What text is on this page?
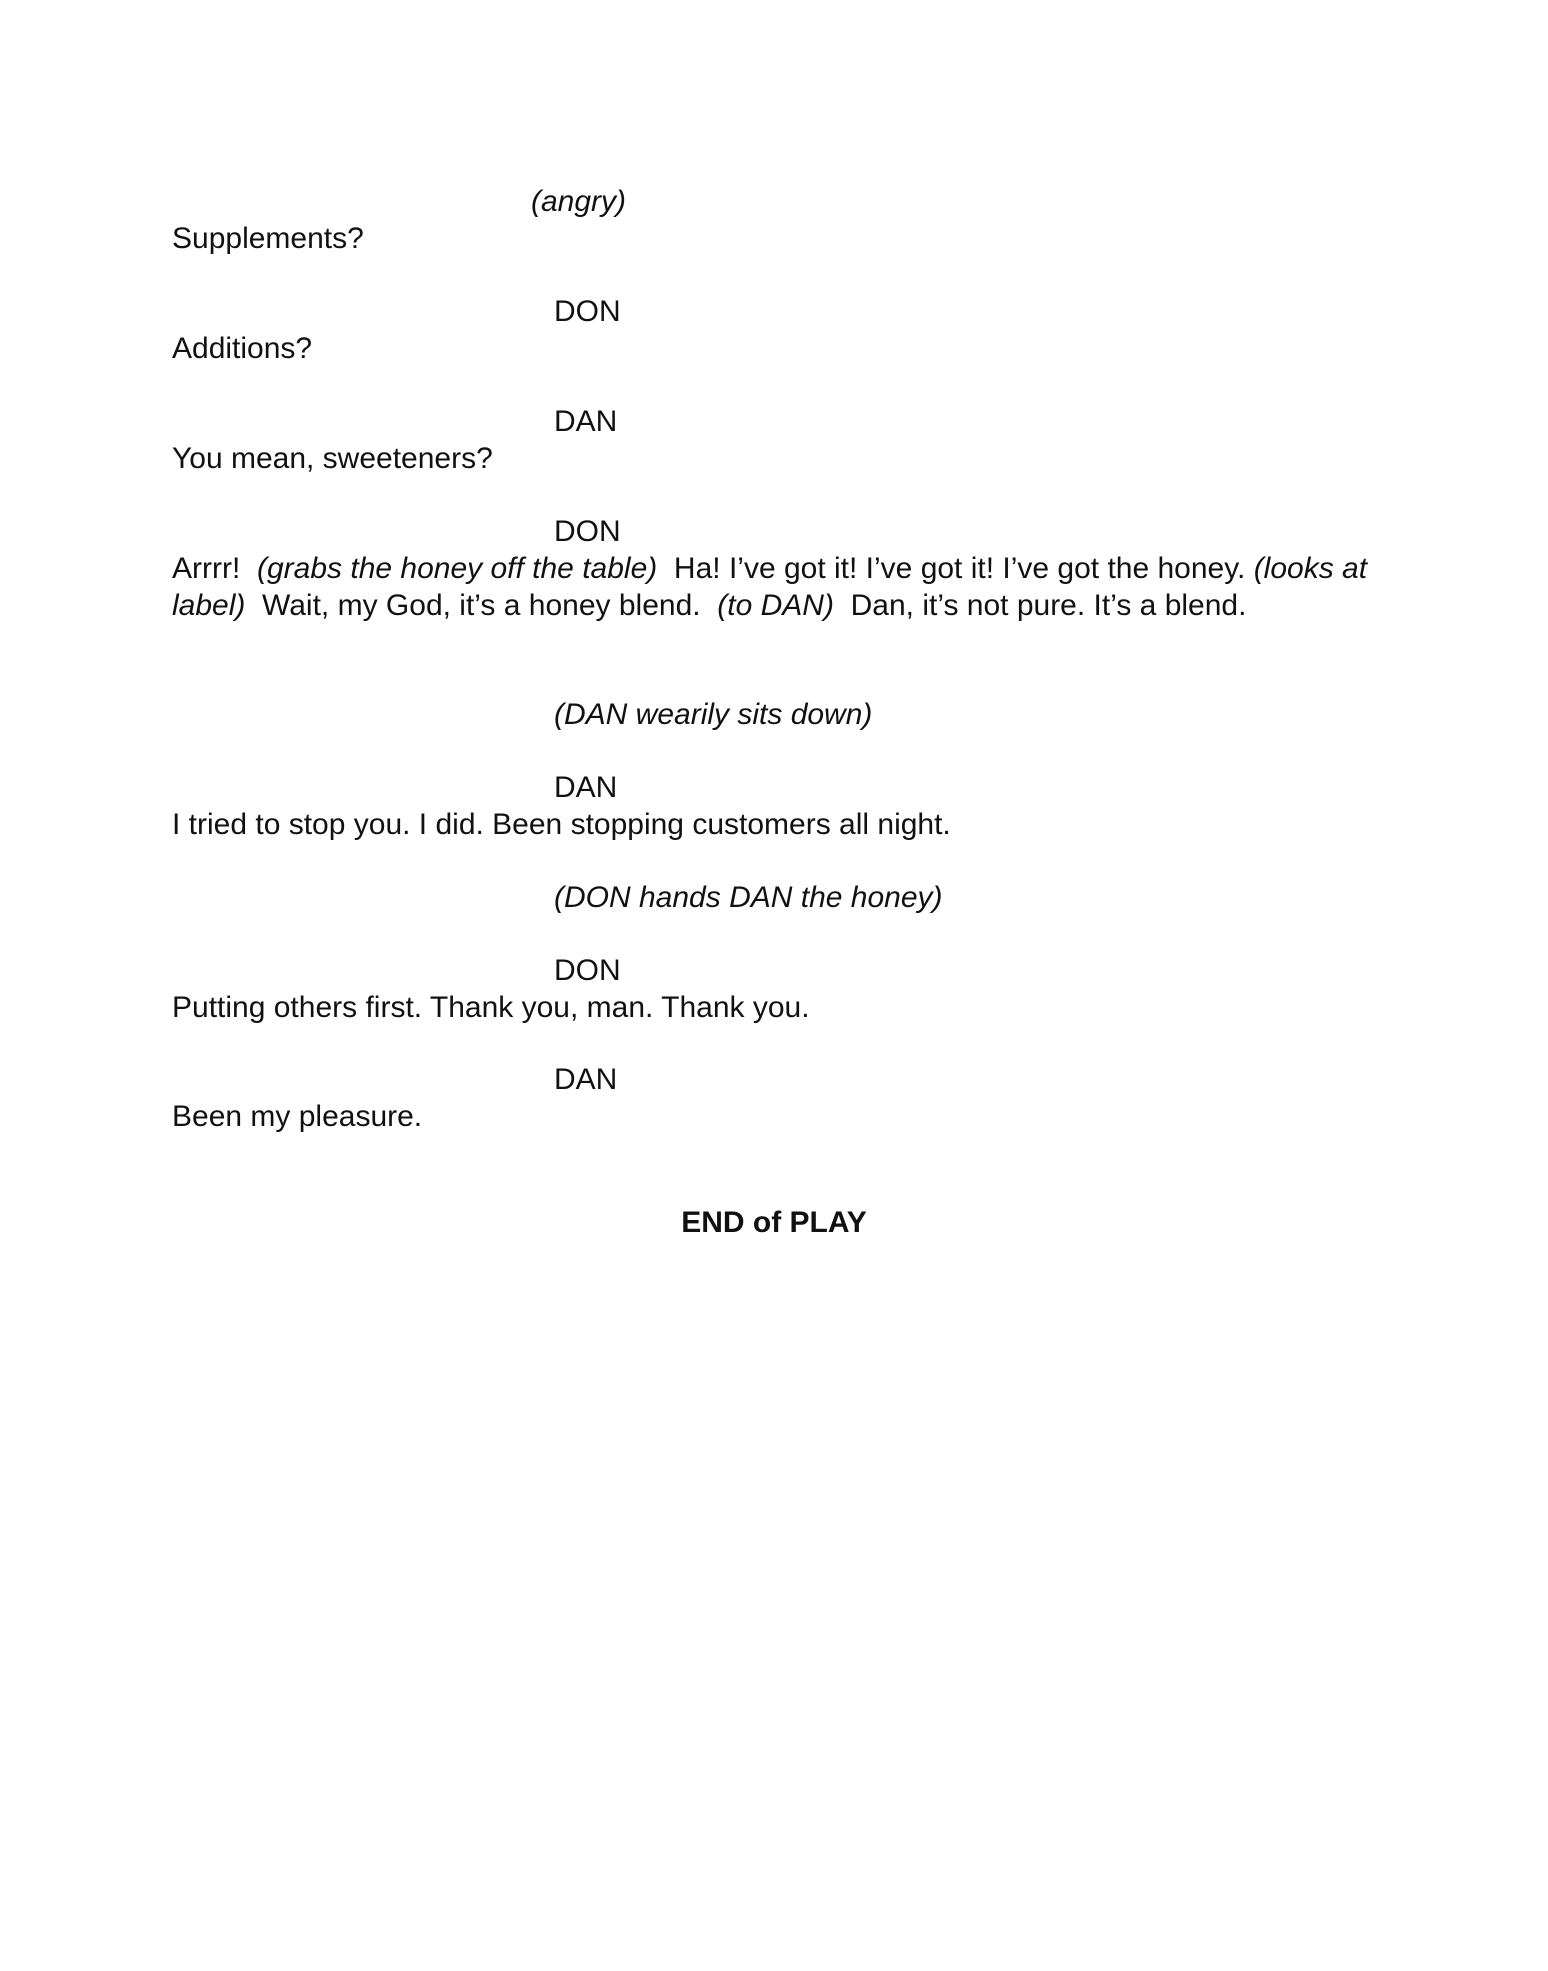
(angry)
Supplements?
DON
Additions?
DAN
You mean, sweeteners?
DON
Arrrr! (grabs the honey off the table) Ha! I’ve got it! I’ve got it! I’ve got the honey. (looks at label) Wait, my God, it’s a honey blend. (to DAN) Dan, it’s not pure. It’s a blend.
(DAN wearily sits down)
DAN
I tried to stop you. I did. Been stopping customers all night.
(DON hands DAN the honey)
DON
Putting others first. Thank you, man. Thank you.
DAN
Been my pleasure.
END of PLAY
